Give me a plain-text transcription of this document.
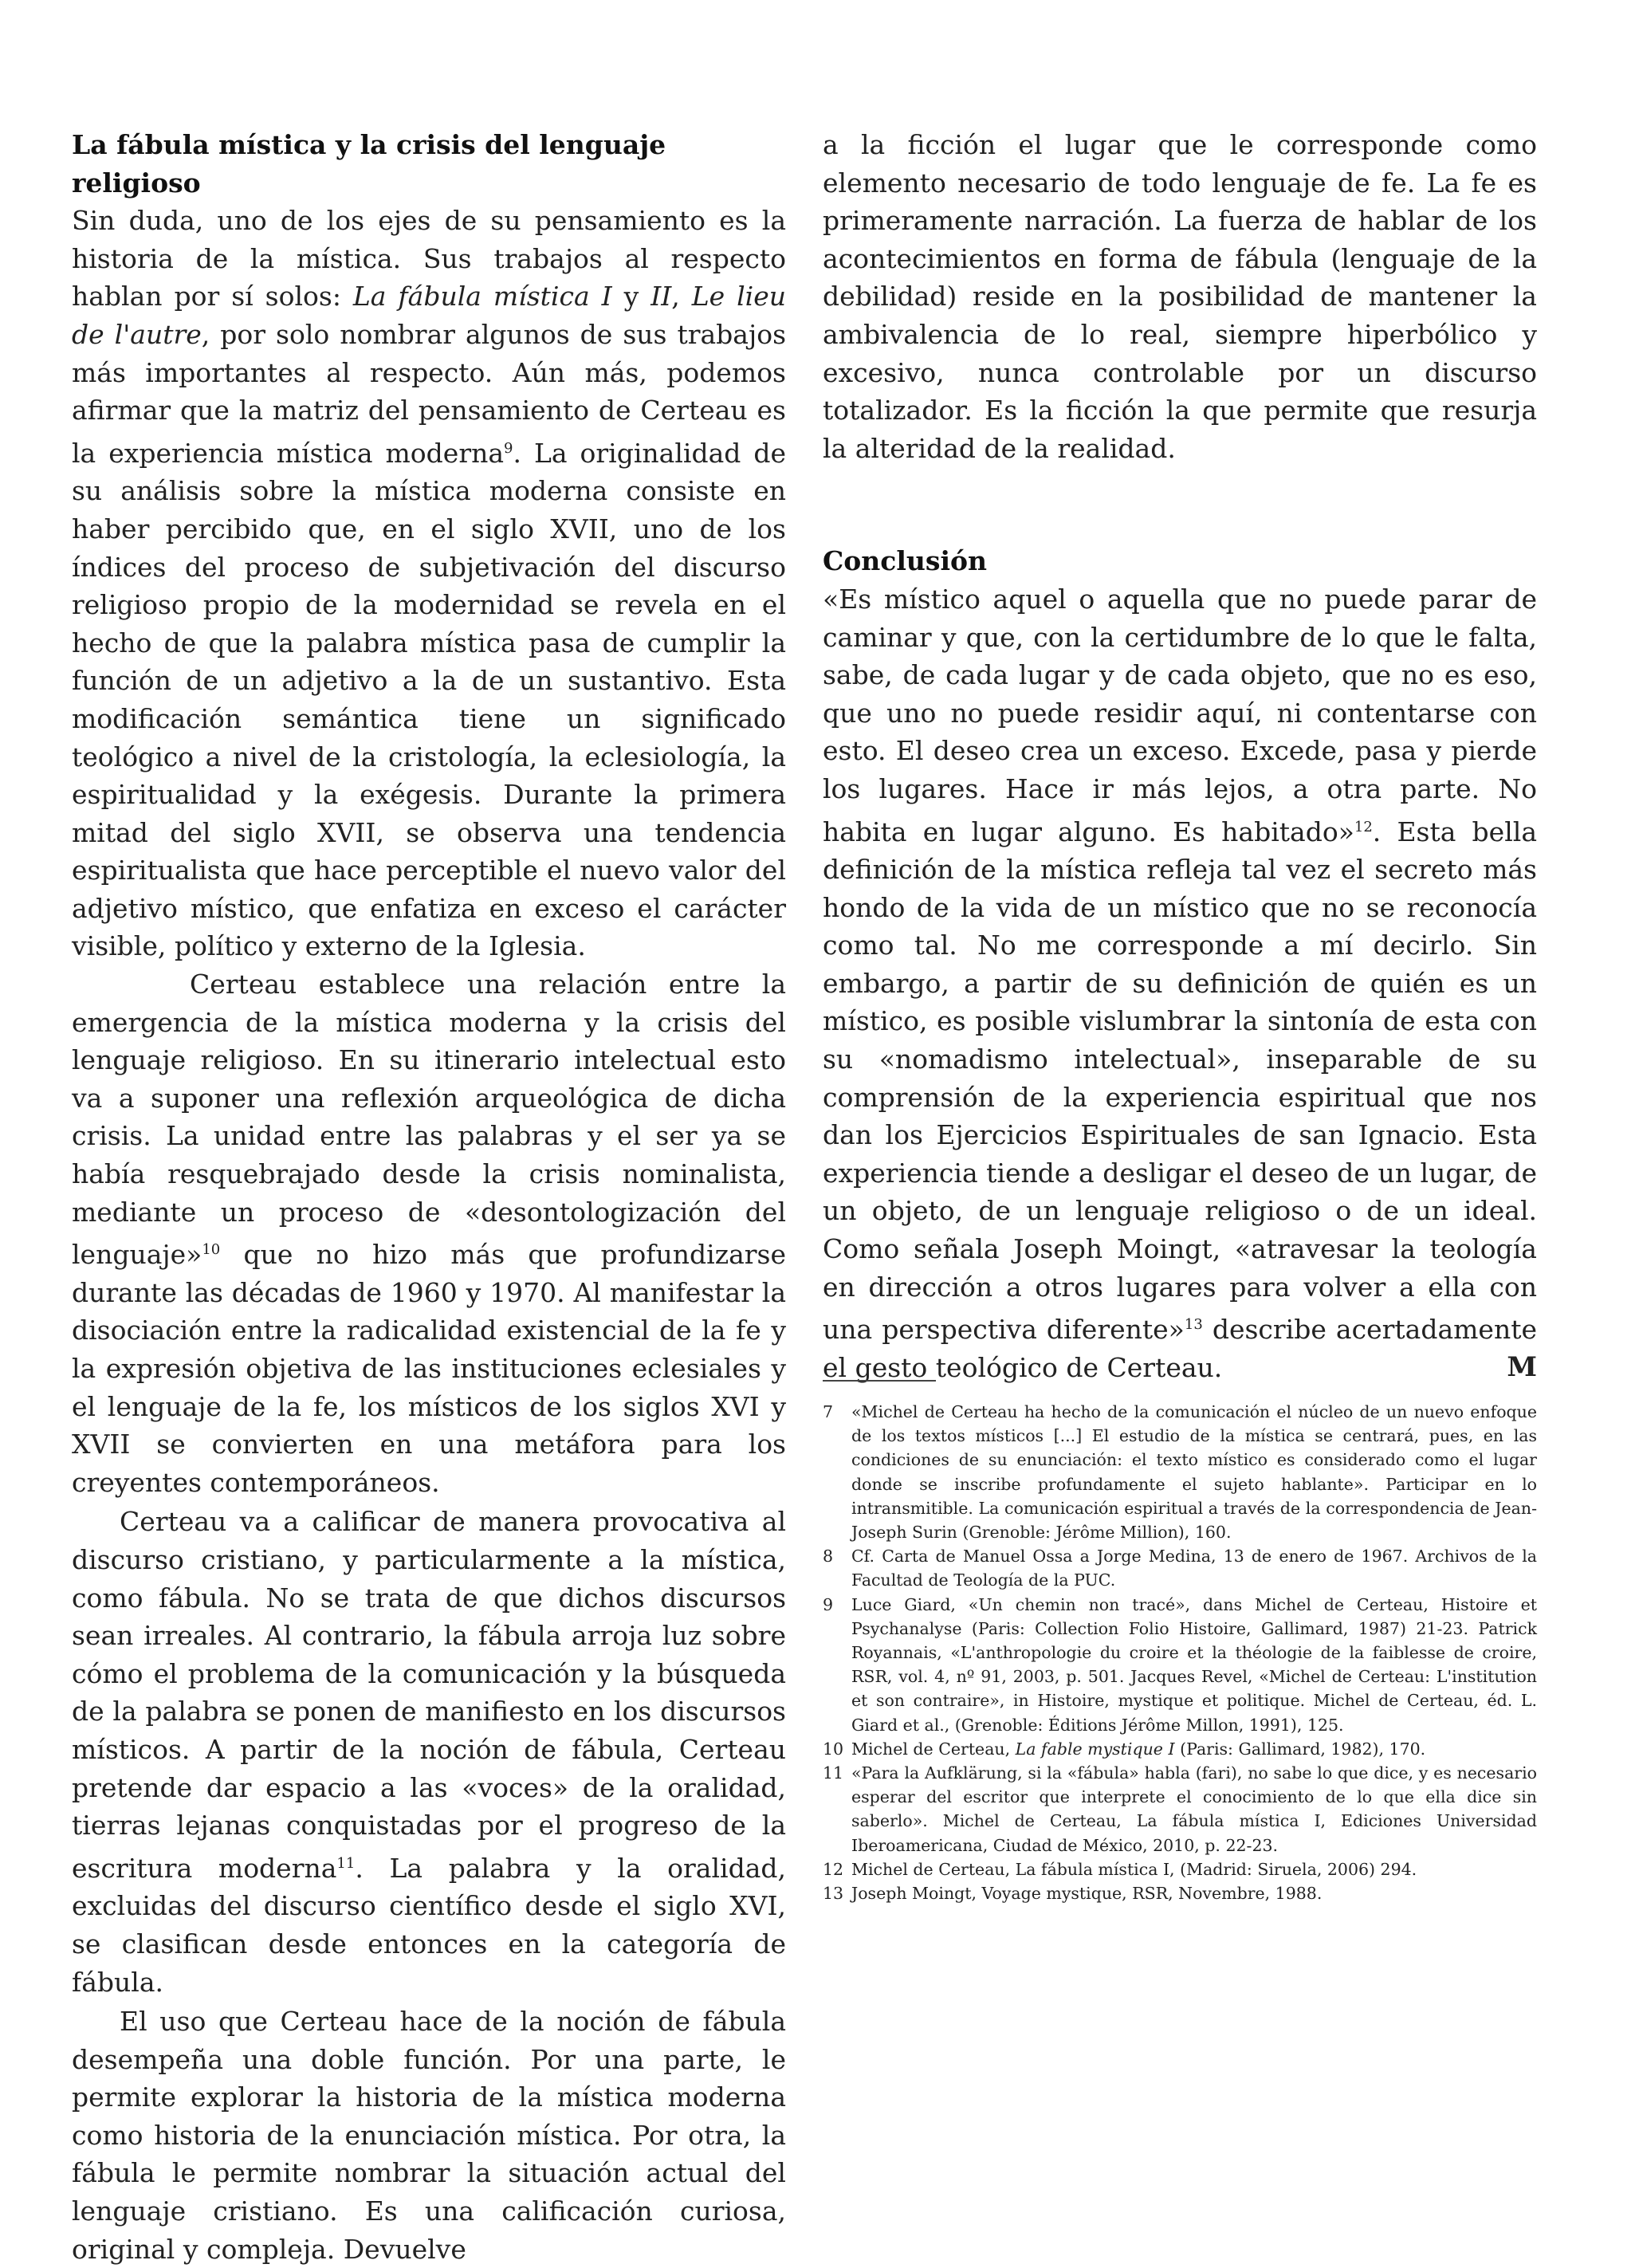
La fábula mística y la crisis del lenguaje religioso

Sin duda, uno de los ejes de su pensamiento es la historia de la mística. Sus trabajos al respecto hablan por sí solos: La fábula mística I y II, Le lieu de l'autre, por solo nombrar algunos de sus trabajos más importantes al respecto. Aún más, podemos afirmar que la matriz del pensamiento de Certeau es la experiencia mística moderna$^9$. La originalidad de su análisis sobre la mística moderna consiste en haber percibido que, en el siglo XVII, uno de los índices del proceso de subjetivación del discurso religioso propio de la modernidad se revela en el hecho de que la palabra mística pasa de cumplir la función de un adjetivo a la de un sustantivo. Esta modificación semántica tiene un significado teológico a nivel de la cristología, la eclesiología, la espiritualidad y la exégesis. Durante la primera mitad del siglo XVII, se observa una tendencia espiritualista que hace perceptible el nuevo valor del adjetivo místico, que enfatiza en exceso el carácter visible, político y externo de la Iglesia.

Certeau establece una relación entre la emergencia de la mística moderna y la crisis del lenguaje religioso. En su itinerario intelectual esto va a suponer una reflexión arqueológica de dicha crisis. La unidad entre las palabras y el ser ya se había resquebrajado desde la crisis nominalista, mediante un proceso de «desontologización del lenguaje»$^{10}$ que no hizo más que profundizarse durante las décadas de 1960 y 1970. Al manifestar la disociación entre la radicalidad existencial de la fe y la expresión objetiva de las instituciones eclesiales y el lenguaje de la fe, los místicos de los siglos XVI y XVII se convierten en una metáfora para los creyentes contemporáneos.

Certeau va a calificar de manera provocativa al discurso cristiano, y particularmente a la mística, como fábula. No se trata de que dichos discursos sean irreales. Al contrario, la fábula arroja luz sobre cómo el problema de la comunicación y la búsqueda de la palabra se ponen de manifiesto en los discursos místicos. A partir de la noción de fábula, Certeau pretende dar espacio a las «voces» de la oralidad, tierras lejanas conquistadas por el progreso de la escritura moderna$^{11}$. La palabra y la oralidad, excluidas del discurso científico desde el siglo XVI, se clasifican desde entonces en la categoría de fábula.

El uso que Certeau hace de la noción de fábula desempeña una doble función. Por una parte, le permite explorar la historia de la mística moderna como historia de la enunciación mística. Por otra, la fábula le permite nombrar la situación actual del lenguaje cristiano. Es una calificación curiosa, original y compleja. Devuelve

a la ficción el lugar que le corresponde como elemento necesario de todo lenguaje de fe. La fe es primeramente narración. La fuerza de hablar de los acontecimientos en forma de fábula (lenguaje de la debilidad) reside en la posibilidad de mantener la ambivalencia de lo real, siempre hiperbólico y excesivo, nunca controlable por un discurso totalizador. Es la ficción la que permite que resurja la alteridad de la realidad.

Conclusión

«Es místico aquel o aquella que no puede parar de caminar y que, con la certidumbre de lo que le falta, sabe, de cada lugar y de cada objeto, que no es eso, que uno no puede residir aquí, ni contentarse con esto. El deseo crea un exceso. Excede, pasa y pierde los lugares. Hace ir más lejos, a otra parte. No habita en lugar alguno. Es habitado»$^{12}$. Esta bella definición de la mística refleja tal vez el secreto más hondo de la vida de un místico que no se reconocía como tal. No me corresponde a mí decirlo. Sin embargo, a partir de su definición de quién es un místico, es posible vislumbrar la sintonía de esta con su «nomadismo intelectual», inseparable de su comprensión de la experiencia espiritual que nos dan los Ejercicios Espirituales de san Ignacio. Esta experiencia tiende a desligar el deseo de un lugar, de un objeto, de un lenguaje religioso o de un ideal. Como señala Joseph Moingt, «atravesar la teología en dirección a otros lugares para volver a ella con una perspectiva diferente»$^{13}$ describe acertadamente el gesto teológico de Certeau.	M

7	«Michel de Certeau ha hecho de la comunicación el núcleo de un nuevo enfoque de los textos místicos [...] El estudio de la mística se centrará, pues, en las condiciones de su enunciación: el texto místico es considerado como el lugar donde se inscribe profundamente el sujeto hablante». Participar en lo intransmitible. La comunicación espiritual a través de la correspondencia de Jean-Joseph Surin (Grenoble: Jérôme Million), 160.
8	Cf. Carta de Manuel Ossa a Jorge Medina, 13 de enero de 1967. Archivos de la Facultad de Teología de la PUC.
9	Luce Giard, «Un chemin non tracé», dans Michel de Certeau, Histoire et Psychanalyse (Paris: Collection Folio Histoire, Gallimard, 1987) 21-23. Patrick Royannais, «L'anthropologie du croire et la théologie de la faiblesse de croire, RSR, vol. 4, nº 91, 2003, p. 501. Jacques Revel, «Michel de Certeau: L'institution et son contraire», in Histoire, mystique et politique. Michel de Certeau, éd. L. Giard et al., (Grenoble: Éditions Jérôme Millon, 1991), 125.
10 Michel de Certeau, La fable mystique I (Paris: Gallimard, 1982), 170.
11 «Para la Aufklärung, si la «fábula» habla (fari), no sabe lo que dice, y es necesario esperar del escritor que interprete el conocimiento de lo que ella dice sin saberlo». Michel de Certeau, La fábula mística I, Ediciones Universidad Iberoamericana, Ciudad de México, 2010, p. 22-23.
12 Michel de Certeau, La fábula mística I, (Madrid: Siruela, 2006) 294.
13 Joseph Moingt, Voyage mystique, RSR, Novembre, 1988.
